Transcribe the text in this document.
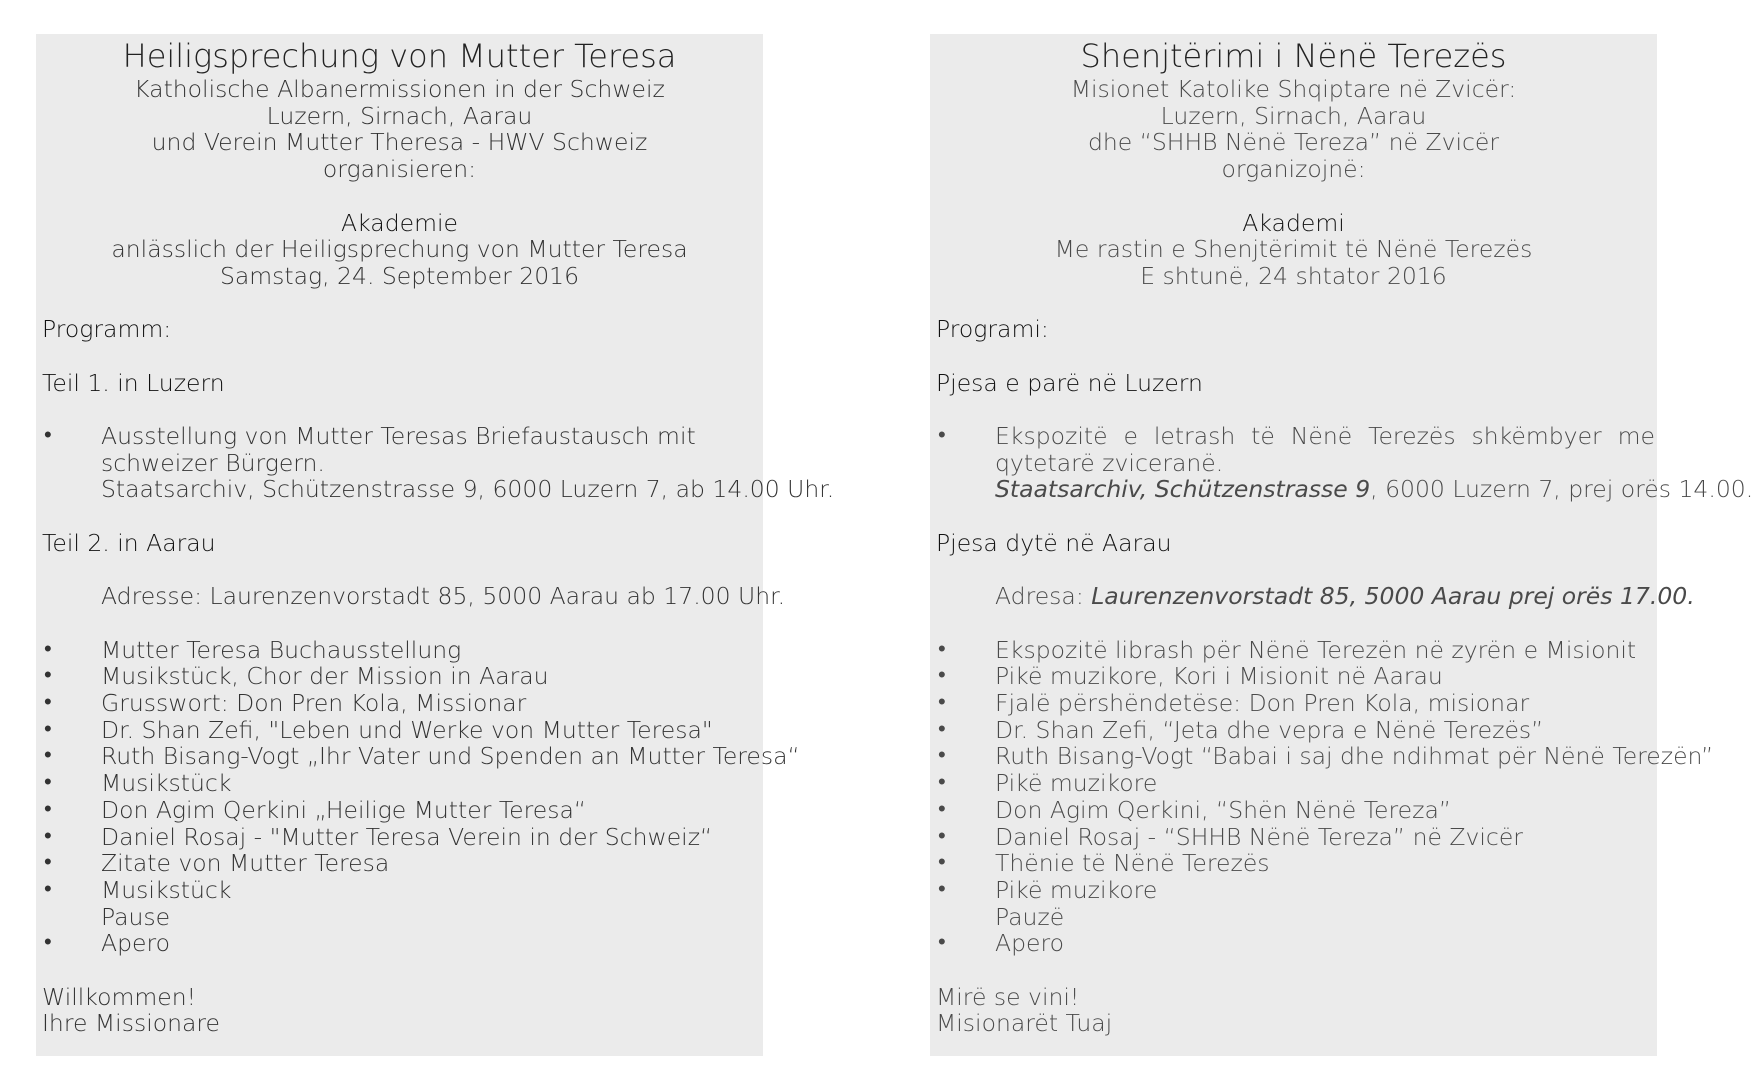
Heiligsprechung von Mutter Teresa
Katholische Albanermissionen in der Schweiz
Luzern, Sirnach, Aarau
und Verein Mutter Theresa - HWV Schweiz
organisieren:
Akademie
anlässlich der Heiligsprechung von Mutter Teresa
Samstag, 24. September 2016
Programm:
Teil 1. in Luzern
• Ausstellung von Mutter Teresas Briefaustausch mit schweizer Bürgern.
Staatsarchiv, Schützenstrasse 9, 6000 Luzern 7, ab 14.00 Uhr.
Teil 2. in Aarau
Adresse: Laurenzenvorstadt 85, 5000 Aarau ab 17.00 Uhr.
• Mutter Teresa Buchausstellung
• Musikstück, Chor der Mission in Aarau
• Grusswort: Don Pren Kola, Missionar
• Dr. Shan Zefi, "Leben und Werke von Mutter Teresa"
• Ruth Bisang-Vogt „Ihr Vater und Spenden an Mutter Teresa“
• Musikstück
• Don Agim Qerkini „Heilige Mutter Teresa“
• Daniel Rosaj - "Mutter Teresa Verein in der Schweiz“
• Zitate von Mutter Teresa
• Musikstück
Pause
• Apero
Willkommen!
Ihre Missionare
Shenjtërimi i Nënë Terezës
Misionet Katolike Shqiptare në Zvicër:
Luzern, Sirnach, Aarau
dhe “SHHB Nënë Tereza” në Zvicër
organizojnë:
Akademi
Me rastin e Shenjtërimit të Nënë Terezës
E shtunë, 24 shtator 2016
Programi:
Pjesa e parë në Luzern
• Ekspozitë e letrash të Nënë Terezës shkëmbyer me qytetarë zviceranë.
Staatsarchiv, Schützenstrasse 9, 6000 Luzern 7, prej orës 14.00.
Pjesa dytë në Aarau
Adresa: Laurenzenvorstadt 85, 5000 Aarau prej orës 17.00.
• Ekspozitë librash për Nënë Terezën në zyrën e Misionit
• Pikë muzikore, Kori i Misionit në Aarau
• Fjalë përshëndetëse: Don Pren Kola, misionar
• Dr. Shan Zefi, “Jeta dhe vepra e Nënë Terezës”
• Ruth Bisang-Vogt “Babai i saj dhe ndihmat për Nënë Terezën”
• Pikë muzikore
• Don Agim Qerkini, “Shën Nënë Tereza”
• Daniel Rosaj - “SHHB Nënë Tereza” në Zvicër
• Thënie të Nënë Terezës
• Pikë muzikore
Pauzë
• Apero
Mirë se vini!
Misionarët Tuaj
